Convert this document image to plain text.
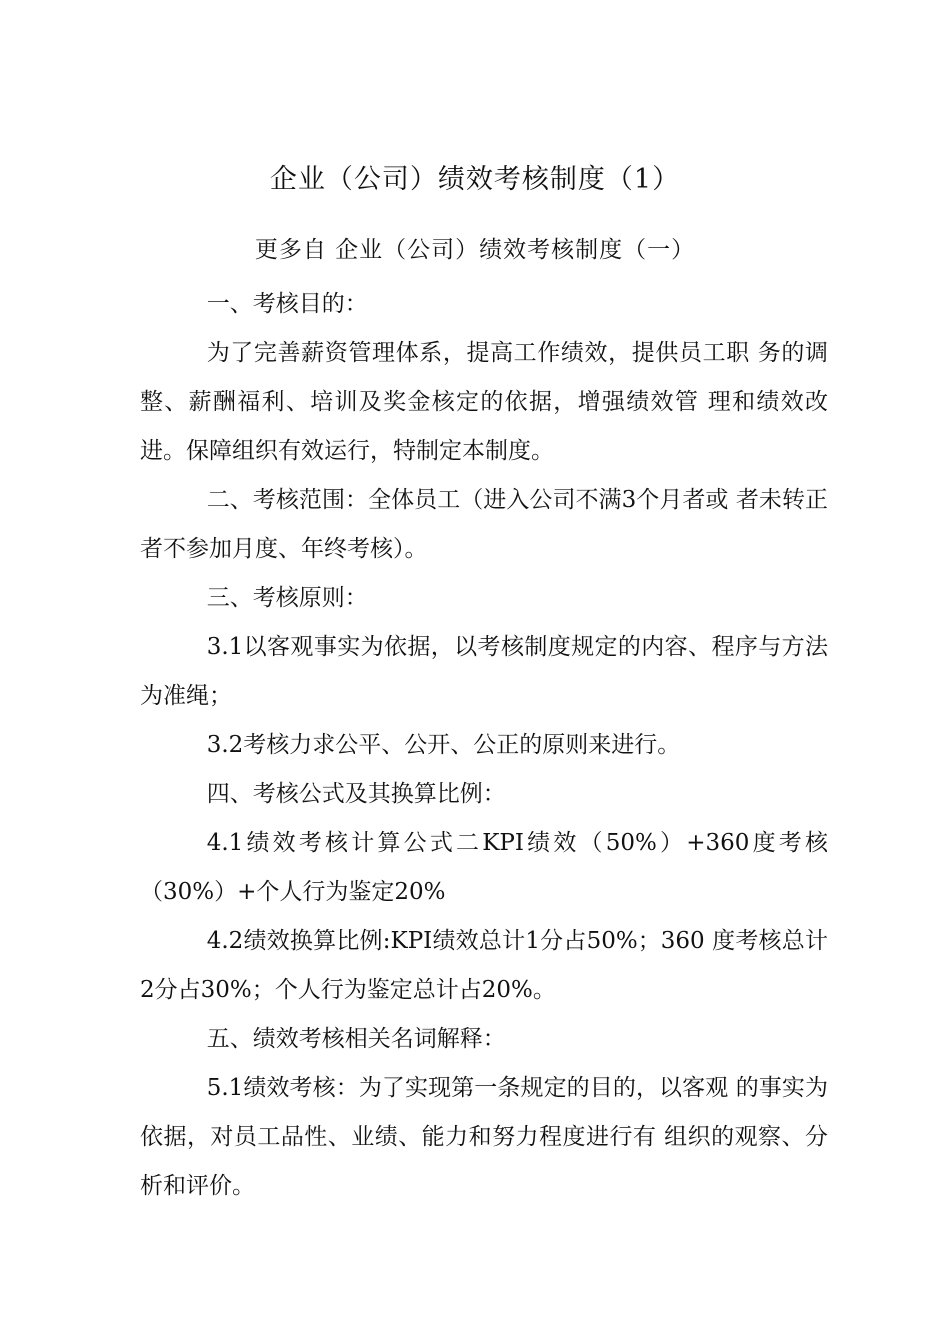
企业（公司）绩效考核制度（1）
更多自 企业（公司）绩效考核制度（一）

一、考核目的：

为了完善薪资管理体系，提高工作绩效，提供员工职 务的调整、薪酬福利、培训及奖金核定的依据，增强绩效管 理和绩效改进。保障组织有效运行，特制定本制度。

二、考核范围：全体员工（进入公司不满3个月者或 者未转正者不参加月度、年终考核）。

三、考核原则：

3.1以客观事实为依据，以考核制度规定的内容、程序与方法为准绳；

3.2考核力求公平、公开、公正的原则来进行。

四、考核公式及其换算比例：

4.1绩效考核计算公式二KPI绩效（50%）+360度考核（30%）+个人行为鉴定20%

4.2绩效换算比例:KPI绩效总计1分占50%；360 度考核总计2分占30%；个人行为鉴定总计占20%。

五、绩效考核相关名词解释：

5.1绩效考核：为了实现第一条规定的目的，以客观 的事实为依据，对员工品性、业绩、能力和努力程度进行有 组织的观察、分析和评价。
